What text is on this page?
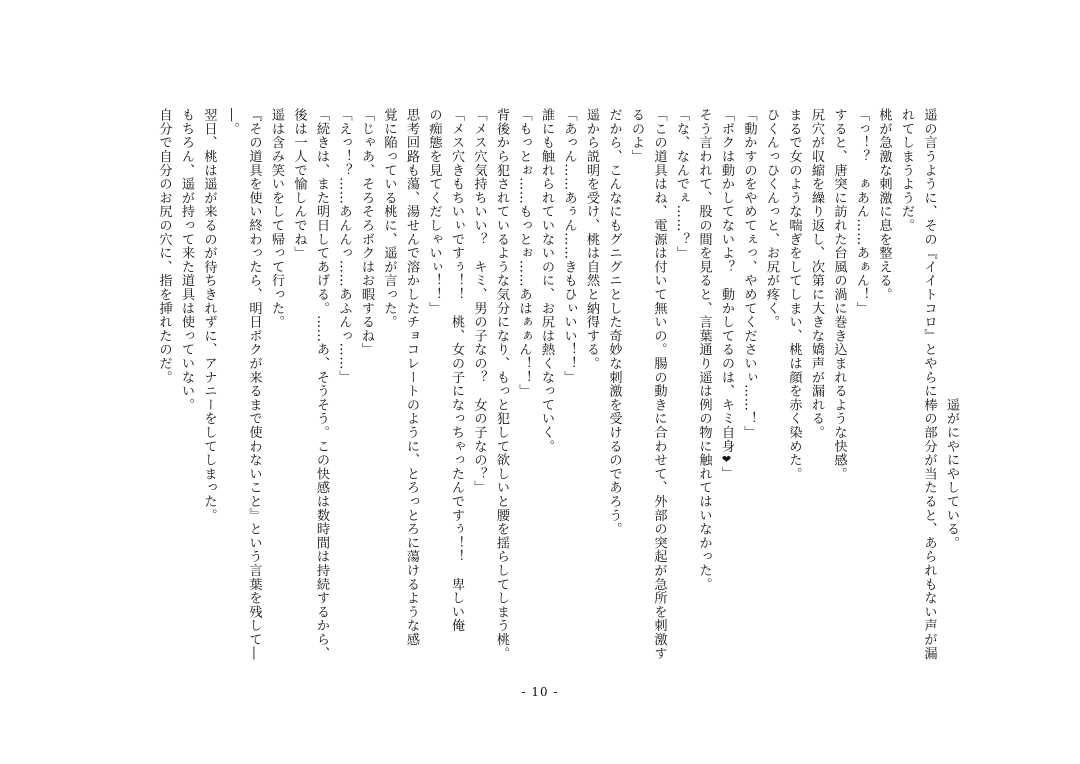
　　　　　　　　　　　　　　　　　　　　　遥がにやにやしている。
遥の言うように、その『イイトコロ』とやらに棒の部分が当たると、あられもない声が漏
れてしまうようだ。
桃が急激な刺激に息を整える。
「っ！？　ぁあん……あぁん！」
すると、唐突に訪れた台風の渦に巻き込まれるような快感。
尻穴が収縮を繰り返し、次第に大きな嬌声が漏れる。
まるで女のような喘ぎをしてしまい、桃は顔を赤く染めた。
ひくんっひくんっと、お尻が疼く。
「動かすのをやめてぇっ、やめてくださいぃ……！」
「ボクは動かしてないよ？　動かしてるのは、キミ自身❤」
そう言われて、股の間を見ると、言葉通り遥は例の物に触れてはいなかった。
「な、なんでぇ……？」
「この道具はね、電源は付いて無いの。腸の動きに合わせて、外部の突起が急所を刺激す
るのよ」
だから、こんなにもグニグニとした奇妙な刺激を受けるのであろう。
遥から説明を受け、桃は自然と納得する。
「あっん……あぅん……きもひぃいい！！」
誰にも触れられていないのに、お尻は熱くなっていく。
「もっとぉ……もっとぉ……あはぁぁん！！」
背後から犯されているような気分になり、もっと犯して欲しいと腰を揺らしてしまう桃。
「メス穴気持ちいい？　キミ、男の子なの？　女の子なの？」
「メス穴きもちいぃですぅ！！　桃、女の子になっちゃったんですぅ！！　卑しい俺
の痴態を見てくだしゃいぃ！！」
思考回路も蕩、湯せんで溶かしたチョコレートのように、とろっとろに蕩けるような感
覚に陥っている桃に、遥が言った。
「じゃあ、そろそろボクはお暇するね」
「えっ！？……あんんっ……あふんっ……」
「続きは、また明日してあげる。……あ、そうそう。この快感は数時間は持続するから、
後は一人で愉しんでね」
遥は含み笑いをして帰って行った。
『その道具を使い終わったら、明日ボクが来るまで使わないこと』という言葉を残して―
―。
翌日、桃は遥が来るのが待ちきれずに、アナニーをしてしまった。
もちろん、遥が持って来た道具は使っていない。
自分で自分のお尻の穴に、指を挿れたのだ。
- 10 -
